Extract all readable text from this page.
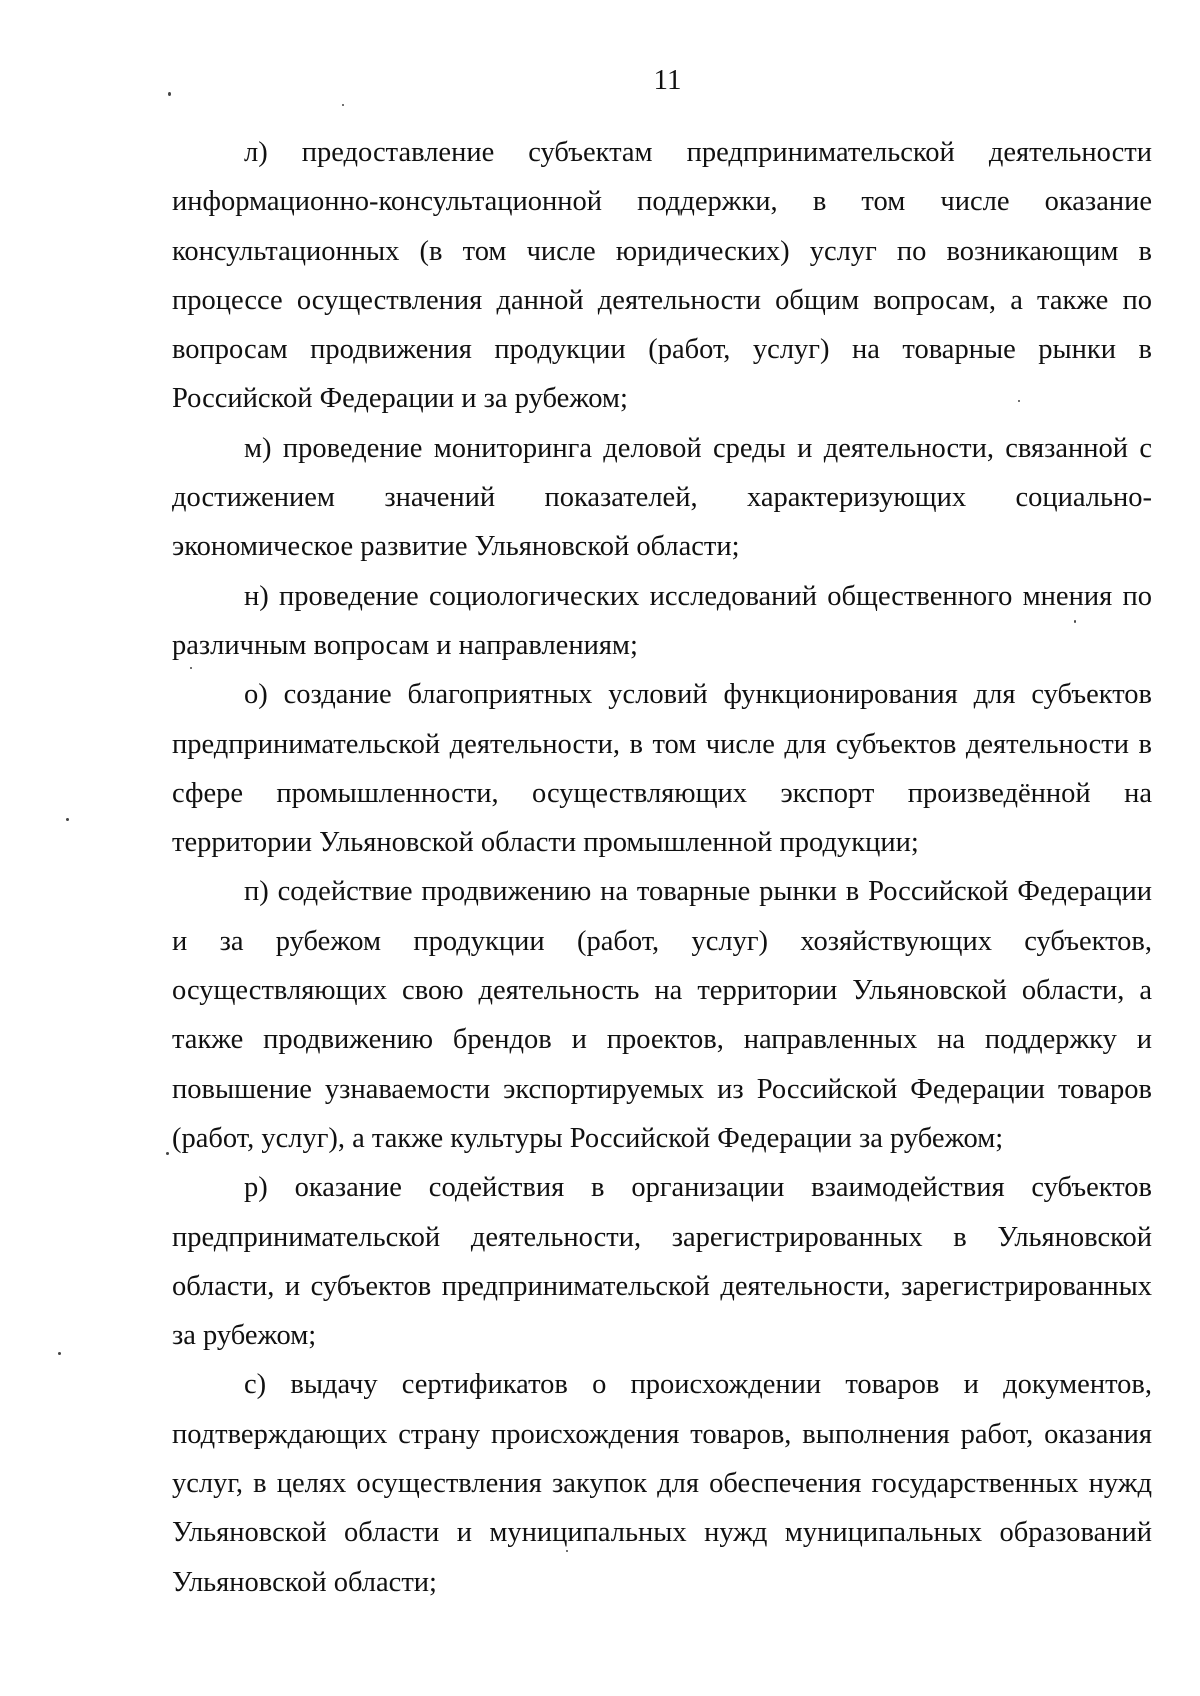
11

л) предоставление субъектам предпринимательской деятельности информационно-консультационной поддержки, в том числе оказание консультационных (в том числе юридических) услуг по возникающим в процессе осуществления данной деятельности общим вопросам, а также по вопросам продвижения продукции (работ, услуг) на товарные рынки в Российской Федерации и за рубежом;

м) проведение мониторинга деловой среды и деятельности, связанной с достижением значений показателей, характеризующих социально-экономическое развитие Ульяновской области;

н) проведение социологических исследований общественного мнения по различным вопросам и направлениям;

о) создание благоприятных условий функционирования для субъектов предпринимательской деятельности, в том числе для субъектов деятельности в сфере промышленности, осуществляющих экспорт произведённой на территории Ульяновской области промышленной продукции;

п) содействие продвижению на товарные рынки в Российской Федерации и за рубежом продукции (работ, услуг) хозяйствующих субъектов, осуществляющих свою деятельность на территории Ульяновской области, а также продвижению брендов и проектов, направленных на поддержку и повышение узнаваемости экспортируемых из Российской Федерации товаров (работ, услуг), а также культуры Российской Федерации за рубежом;

р) оказание содействия в организации взаимодействия субъектов предпринимательской деятельности, зарегистрированных в Ульяновской области, и субъектов предпринимательской деятельности, зарегистрированных за рубежом;

с) выдачу сертификатов о происхождении товаров и документов, подтверждающих страну происхождения товаров, выполнения работ, оказания услуг, в целях осуществления закупок для обеспечения государственных нужд Ульяновской области и муниципальных нужд муниципальных образований Ульяновской области;
